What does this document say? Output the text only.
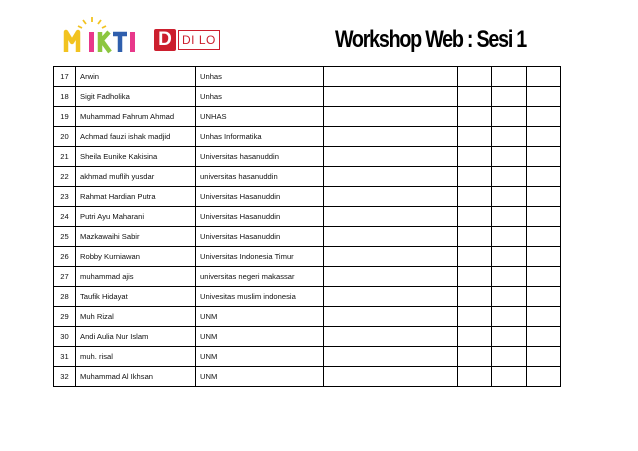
D DI LO	Workshop Web : Sesi 1
17	Arwin	Unhas				
18	Sigit Fadholika	Unhas				
19	Muhammad Fahrum Ahmad	UNHAS				
20	Achmad fauzi ishak madjid	Unhas Informatika				
21	Sheila Eunike Kakisina	Universitas hasanuddin				
22	akhmad muflih yusdar	universitas hasanuddin				
23	Rahmat Hardian Putra	Universitas Hasanuddin				
24	Putri Ayu Maharani	Universitas Hasanuddin				
25	Mazkawaihi Sabir	Universitas Hasanuddin				
26	Robby Kurniawan	Universitas Indonesia Timur				
27	muhammad ajis	universitas negeri makassar				
28	Taufik Hidayat	Univesitas muslim indonesia				
29	Muh Rizal	UNM				
30	Andi Aulia Nur Islam	UNM				
31	muh. risal	UNM				
32	Muhammad Al Ikhsan	UNM				
